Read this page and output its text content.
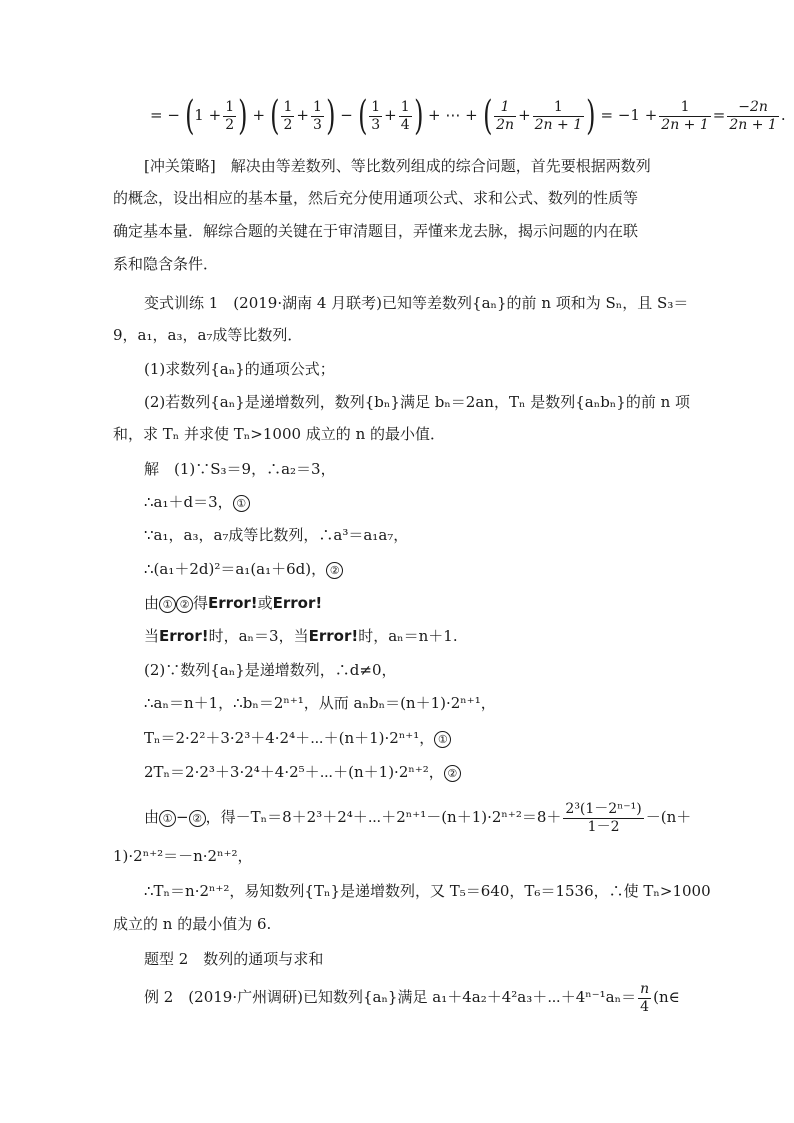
= − ($1 + \frac{1}{2}$ ) + ( $\frac{1}{2} + \frac{1}{3}$ ) − ( $\frac{1}{3} + \frac{1}{4}$ ) + ⋯ + ( $\frac{1}{2n} + \frac{1}{2n + 1}$ ) = $-1 + \frac{1}{2n + 1} = \frac{-2n}{2n + 1}$ .
[冲关策略]　解决由等差数列、等比数列组成的综合问题，首先要根据两数列
的概念，设出相应的基本量，然后充分使用通项公式、求和公式、数列的性质等
确定基本量．解综合题的关键在于审清题目，弄懂来龙去脉，揭示问题的内在联
系和隐含条件．
变式训练 1　(2019·湖南 4 月联考)已知等差数列{aₙ}的前 n 项和为 Sₙ，且 S₃＝
9，a₁，a₃，a₇成等比数列．
(1)求数列{aₙ}的通项公式；
(2)若数列{aₙ}是递增数列，数列{bₙ}满足 bₙ＝2an，Tₙ 是数列{aₙbₙ}的前 n 项
和，求 Tₙ 并求使 Tₙ>1000 成立的 n 的最小值．
解　(1)∵S₃＝9，∴a₂＝3，
∴a₁＋d＝3， ①
∵a₁，a₃，a₇成等比数列，∴a³＝a₁a₇，
∴(a₁＋2d)²＝a₁(a₁＋6d)， ②
由 ① ② 得Error!或Error!
当Error!时，aₙ＝3，当Error!时，aₙ＝n＋1.
(2)∵数列{aₙ}是递增数列，∴d≠0，
∴aₙ＝n＋1，∴bₙ＝2ⁿ⁺¹，从而 aₙbₙ＝(n＋1)·2ⁿ⁺¹，
Tₙ＝2·2²＋3·2³＋4·2⁴＋⋯＋(n＋1)·2ⁿ⁺¹， ①
2Tₙ＝2·2³＋3·2⁴＋4·2⁵＋⋯＋(n＋1)·2ⁿ⁺²， ②
由 ① − ② ，得－Tₙ＝8＋2³＋2⁴＋⋯＋2ⁿ⁺¹－(n＋1)·2ⁿ⁺²＝8＋ $\frac{\text{2³(1－2ⁿ⁻¹)}}{1-2} -(n+$
1)·2ⁿ⁺²＝－n·2ⁿ⁺²，
∴Tₙ＝n·2ⁿ⁺²，易知数列{Tₙ}是递增数列，又 T₅＝640，T₆＝1536，∴使 Tₙ>1000
成立的 n 的最小值为 6.
题型 2　数列的通项与求和
例 2　(2019·广州调研)已知数列{aₙ}满足 a₁＋4a₂＋4²a₃＋⋯＋4ⁿ⁻¹aₙ＝ $\frac{n}{4}$ (n∈
